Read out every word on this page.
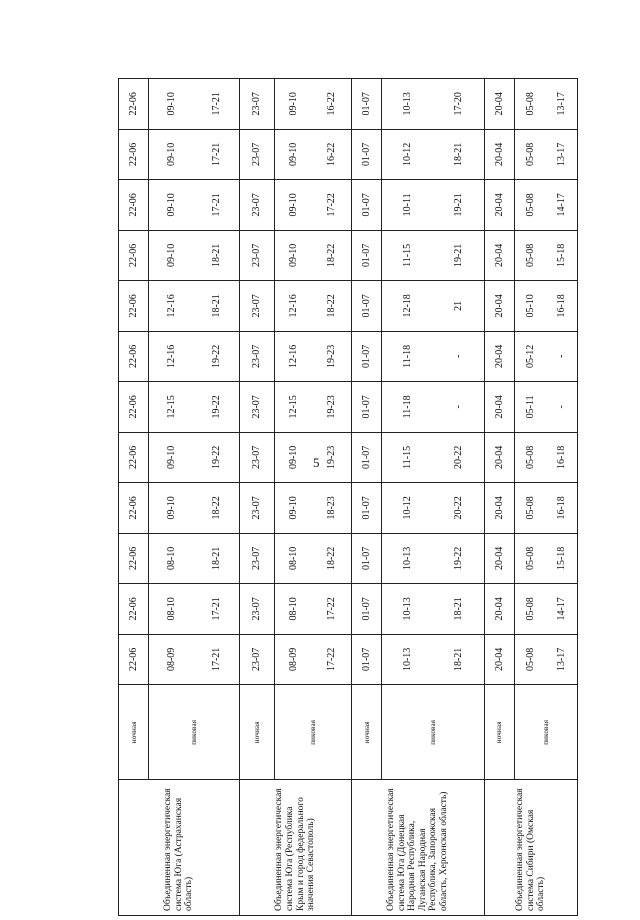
5
Объединенная энергетическая система Юга (Астраханская область)	ночная	22-06	22-06	22-06	22-06	22-06	22-06	22-06	22-06	22-06	22-06	22-06	22-06
	пиковая	08-09 17-21	08-10 17-21	08-10 18-21	09-10 18-22	09-10 19-22	12-15 19-22	12-16 19-22	12-16 18-21	09-10 18-21	09-10 17-21	09-10 17-21	09-10 17-21

Объединенная энергетическая система Юга (Республика Крым и город федерального значения Севастополь)	ночная	23-07	23-07	23-07	23-07	23-07	23-07	23-07	23-07	23-07	23-07	23-07	23-07
	пиковая	08-09 17-22	08-10 17-22	08-10 18-22	09-10 18-23	09-10 19-23	12-15 19-23	12-16 19-23	12-16 18-22	09-10 18-22	09-10 17-22	09-10 16-22	09-10 16-22

Объединенная энергетическая система Юга (Донецкая Народная Республика, Луганская Народная Республика, Запорожская область, Херсонская область)	ночная	01-07	01-07	01-07	01-07	01-07	01-07	01-07	01-07	01-07	01-07	01-07	01-07
	пиковая	10-13 18-21	10-13 18-21	10-13 19-22	10-12 20-22	11-15 20-22	11-18 -	11-18 -	12-18 21	11-15 19-21	10-11 19-21	10-12 18-21	10-13 17-20

Объединенная энергетическая система Сибири (Омская область)	ночная	20-04	20-04	20-04	20-04	20-04	20-04	20-04	20-04	20-04	20-04	20-04	20-04
	пиковая	05-08 13-17	05-08 14-17	05-08 15-18	05-08 16-18	05-08 16-18	05-11 -	05-12 -	05-10 16-18	05-08 15-18	05-08 14-17	05-08 13-17	05-08 13-17
